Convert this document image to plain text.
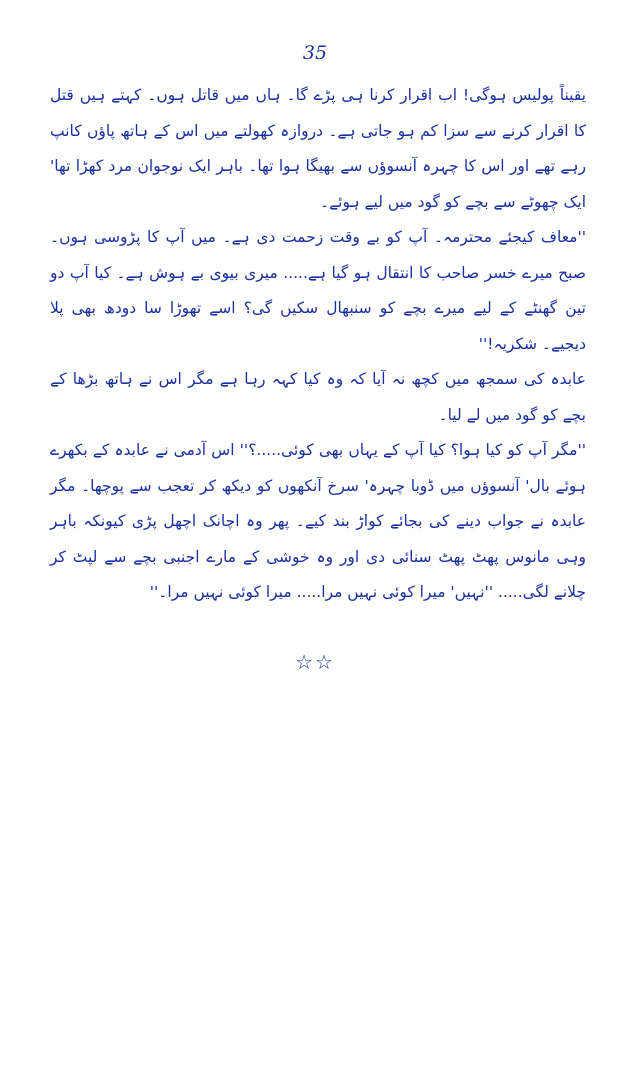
35

یقیناً پولیس ہوگی! اب اقرار کرنا ہی پڑے گا۔ ہاں میں قاتل ہوں۔ کہتے ہیں قتل کا اقرار کرنے سے سزا کم ہو جاتی ہے۔ دروازہ کھولتے میں اس کے ہاتھ پاؤں کانپ رہے تھے اور اس کا چہرہ آنسوؤں سے بھیگا ہوا تھا۔ باہر ایک نوجوان مرد کھڑا تھا' ایک چھوٹے سے بچے کو گود میں لیے ہوئے۔

''معاف کیجئے محترمہ۔ آپ کو بے وقت زحمت دی ہے۔ میں آپ کا پڑوسی ہوں۔ صبح میرے خسر صاحب کا انتقال ہو گیا ہے..... میری بیوی بے ہوش ہے۔ کیا آپ دو تین گھنٹے کے لیے میرے بچے کو سنبھال سکیں گی؟ اسے تھوڑا سا دودھ بھی پلا دیجیے۔ شکریہ!''

عابدہ کی سمجھ میں کچھ نہ آیا کہ وہ کیا کہہ رہا ہے مگر اس نے ہاتھ بڑھا کے بچے کو گود میں لے لیا۔

''مگر آپ کو کیا ہوا؟ کیا آپ کے یہاں بھی کوئی.....؟'' اس آدمی نے عابدہ کے بکھرے ہوئے بال' آنسوؤں میں ڈوبا چہرہ' سرخ آنکھوں کو دیکھ کر تعجب سے پوچھا۔ مگر عابدہ نے جواب دینے کی بجائے کواڑ بند کیے۔ پھر وہ اچانک اچھل پڑی کیونکہ باہر وہی مانوس پھٹ پھٹ سنائی دی اور وہ خوشی کے مارے اجنبی بچے سے لپٹ کر چلانے لگی..... ''نہیں' میرا کوئی نہیں مرا..... میرا کوئی نہیں مرا۔''

☆☆
